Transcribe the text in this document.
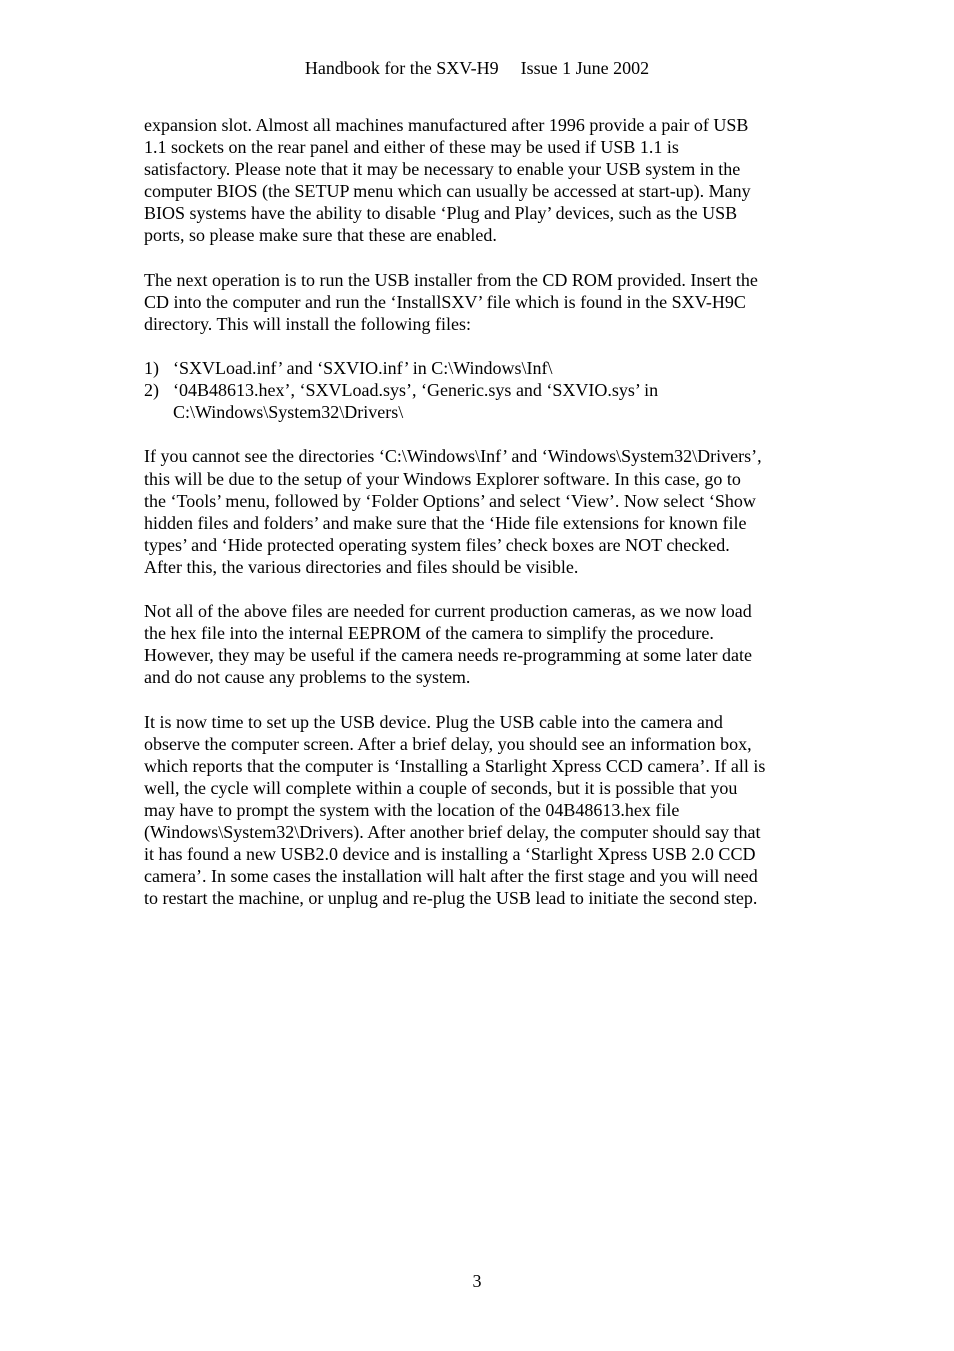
Handbook for the SXV-H9 Issue 1 June 2002

expansion slot. Almost all machines manufactured after 1996 provide a pair of USB
1.1 sockets on the rear panel and either of these may be used if USB 1.1 is
satisfactory. Please note that it may be necessary to enable your USB system in the
computer BIOS (the SETUP menu which can usually be accessed at start-up). Many
BIOS systems have the ability to disable ‘Plug and Play’ devices, such as the USB
ports, so please make sure that these are enabled.

The next operation is to run the USB installer from the CD ROM provided. Insert the
CD into the computer and run the ‘InstallSXV’ file which is found in the SXV-H9C
directory. This will install the following files:

1) ‘SXVLoad.inf’ and ‘SXVIO.inf’ in C:\Windows\Inf\
2) ‘04B48613.hex’, ‘SXVLoad.sys’, ‘Generic.sys and ‘SXVIO.sys’ in
C:\Windows\System32\Drivers\

If you cannot see the directories ‘C:\Windows\Inf’ and ‘Windows\System32\Drivers’,
this will be due to the setup of your Windows Explorer software. In this case, go to
the ‘Tools’ menu, followed by ‘Folder Options’ and select ‘View’. Now select ‘Show
hidden files and folders’ and make sure that the ‘Hide file extensions for known file
types’ and ‘Hide protected operating system files’ check boxes are NOT checked.
After this, the various directories and files should be visible.

Not all of the above files are needed for current production cameras, as we now load
the hex file into the internal EEPROM of the camera to simplify the procedure.
However, they may be useful if the camera needs re-programming at some later date
and do not cause any problems to the system.

It is now time to set up the USB device. Plug the USB cable into the camera and
observe the computer screen. After a brief delay, you should see an information box,
which reports that the computer is ‘Installing a Starlight Xpress CCD camera’. If all is
well, the cycle will complete within a couple of seconds, but it is possible that you
may have to prompt the system with the location of the 04B48613.hex file
(Windows\System32\Drivers). After another brief delay, the computer should say that
it has found a new USB2.0 device and is installing a ‘Starlight Xpress USB 2.0 CCD
camera’. In some cases the installation will halt after the first stage and you will need
to restart the machine, or unplug and re-plug the USB lead to initiate the second step.

3
